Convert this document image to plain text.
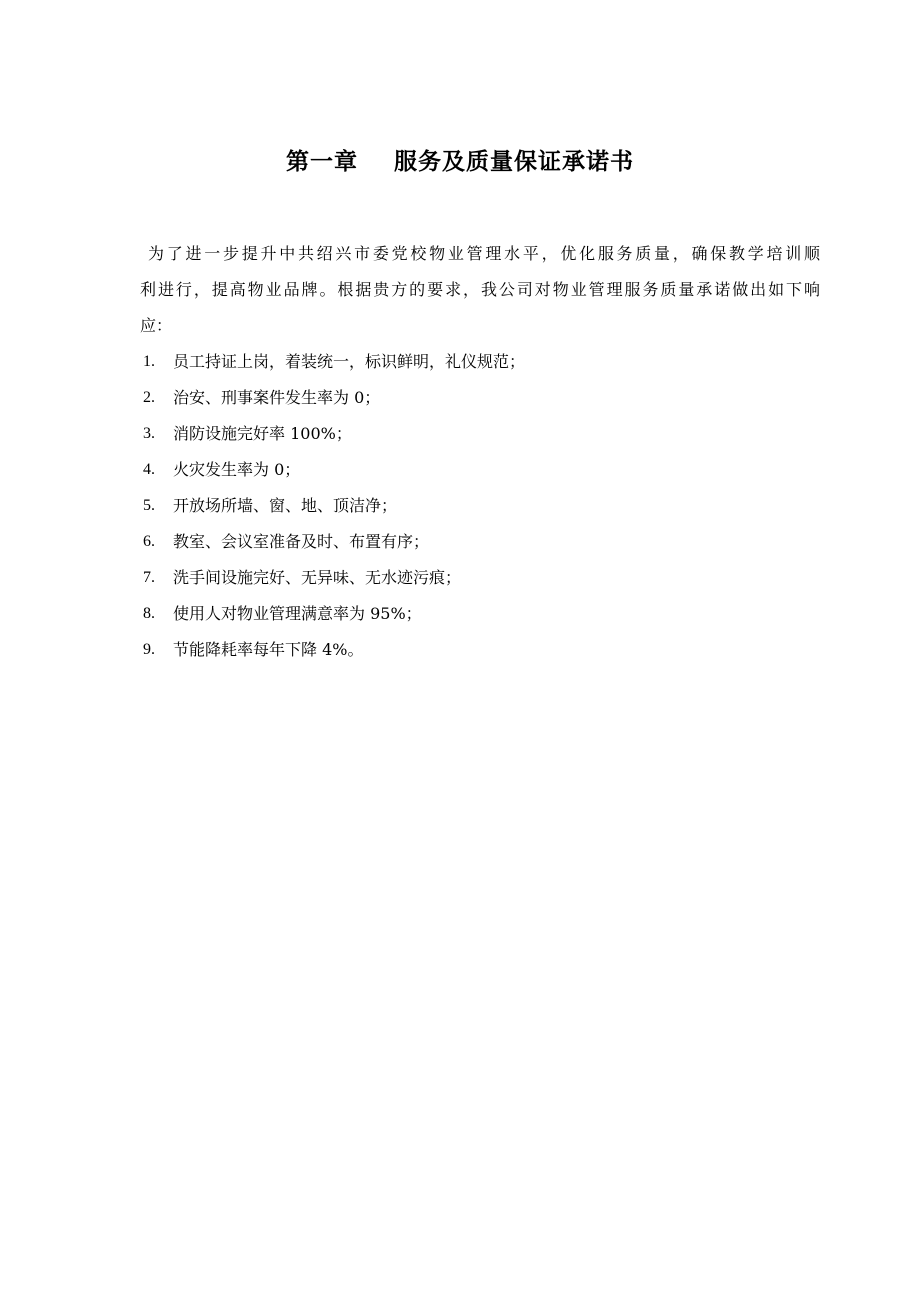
第一章    服务及质量保证承诺书
为了进一步提升中共绍兴市委党校物业管理水平，优化服务质量，确保教学培训顺
利进行，提高物业品牌。根据贵方的要求，我公司对物业管理服务质量承诺做出如下响
应：
1.	员工持证上岗，着装统一，标识鲜明，礼仪规范；
2.	治安、刑事案件发生率为 0；
3.	消防设施完好率 100%；
4.	火灾发生率为 0；
5.	开放场所墙、窗、地、顶洁净；
6.	教室、会议室准备及时、布置有序；
7.	洗手间设施完好、无异味、无水迹污痕；
8.	使用人对物业管理满意率为 95%；
9.	节能降耗率每年下降 4%。
